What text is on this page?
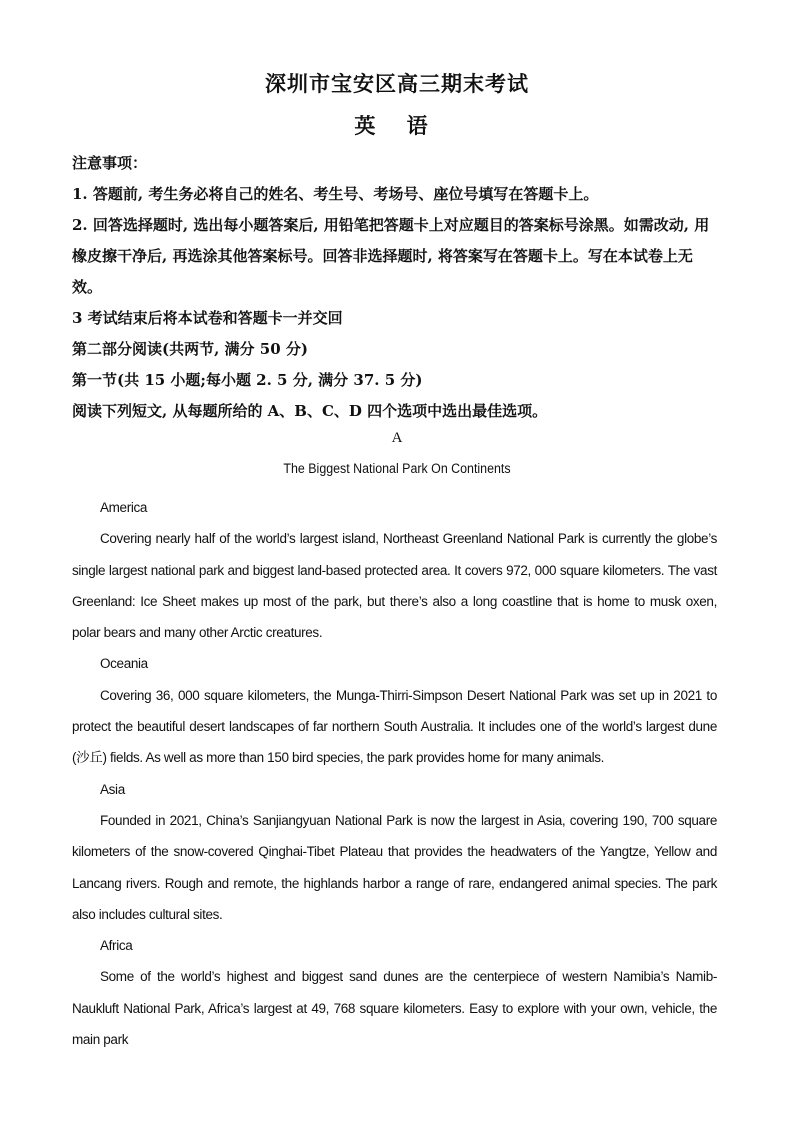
深圳市宝安区高三期末考试
英 语

注意事项：

1. 答题前, 考生务必将自己的姓名、考生号、考场号、座位号填写在答题卡上。

2. 回答选择题时, 选出每小题答案后, 用铅笔把答题卡上对应题目的答案标号涂黑。如需改动, 用橡皮擦干净后, 再选涂其他答案标号。回答非选择题时, 将答案写在答题卡上。写在本试卷上无效。

3 考试结束后将本试卷和答题卡一并交回

第二部分阅读(共两节, 满分 50 分)

第一节(共 15 小题;每小题 2. 5 分, 满分 37. 5 分)

阅读下列短文, 从每题所给的 A、B、C、D 四个选项中选出最佳选项。

A
The Biggest National Park On Continents

America

Covering nearly half of the world’s largest island, Northeast Greenland National Park is currently the globe’s single largest national park and biggest land-based protected area. It covers 972, 000 square kilometers. The vast Greenland: Ice Sheet makes up most of the park, but there’s also a long coastline that is home to musk oxen, polar bears and many other Arctic creatures.

Oceania

Covering 36, 000 square kilometers, the Munga-Thirri-Simpson Desert National Park was set up in 2021 to protect the beautiful desert landscapes of far northern South Australia. It includes one of the world’s largest dune (沙丘) fields. As well as more than 150 bird species, the park provides home for many animals.

Asia

Founded in 2021, China’s Sanjiangyuan National Park is now the largest in Asia, covering 190, 700 square kilometers of the snow-covered Qinghai-Tibet Plateau that provides the headwaters of the Yangtze, Yellow and Lancang rivers. Rough and remote, the highlands harbor a range of rare, endangered animal species. The park also includes cultural sites.

Africa

Some of the world’s highest and biggest sand dunes are the centerpiece of western Namibia’s Namib-Naukluft National Park, Africa’s largest at 49, 768 square kilometers. Easy to explore with your own, vehicle, the main park
